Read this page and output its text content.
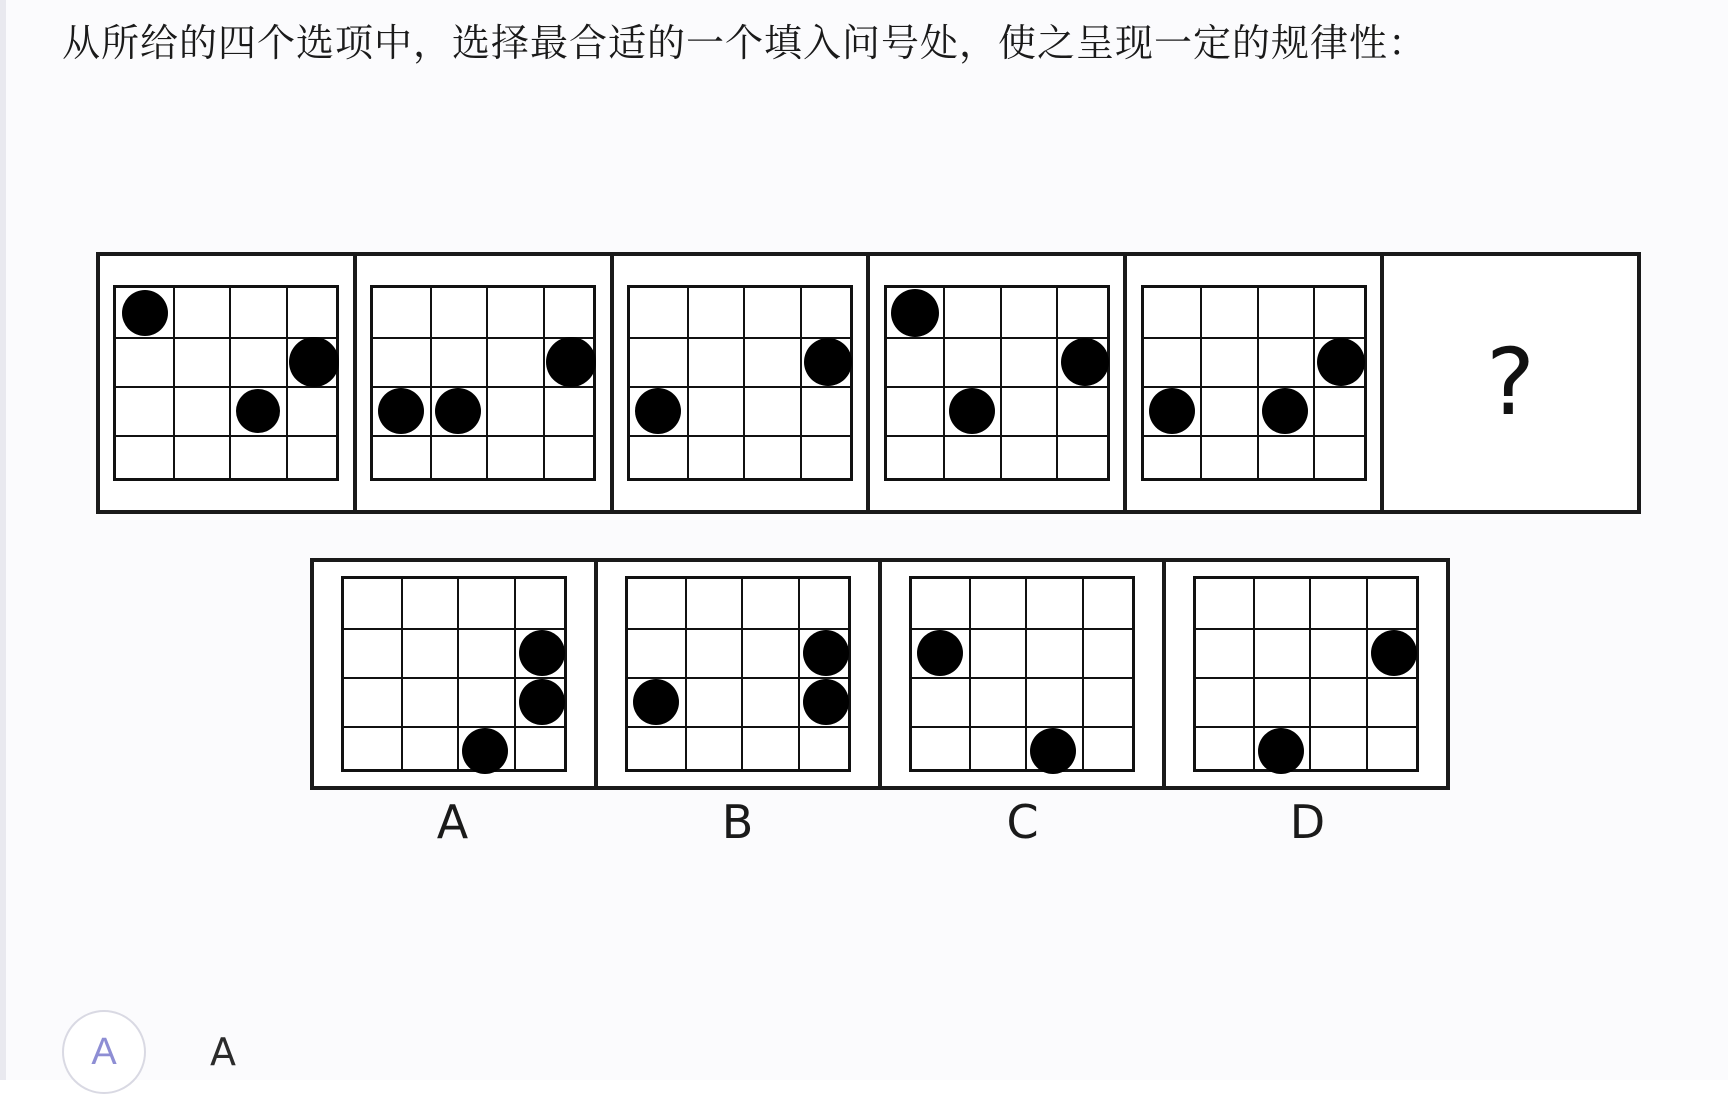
从所给的四个选项中，选择最合适的一个填入问号处，使之呈现一定的规律性：
?
A	B	C	D
A	A
